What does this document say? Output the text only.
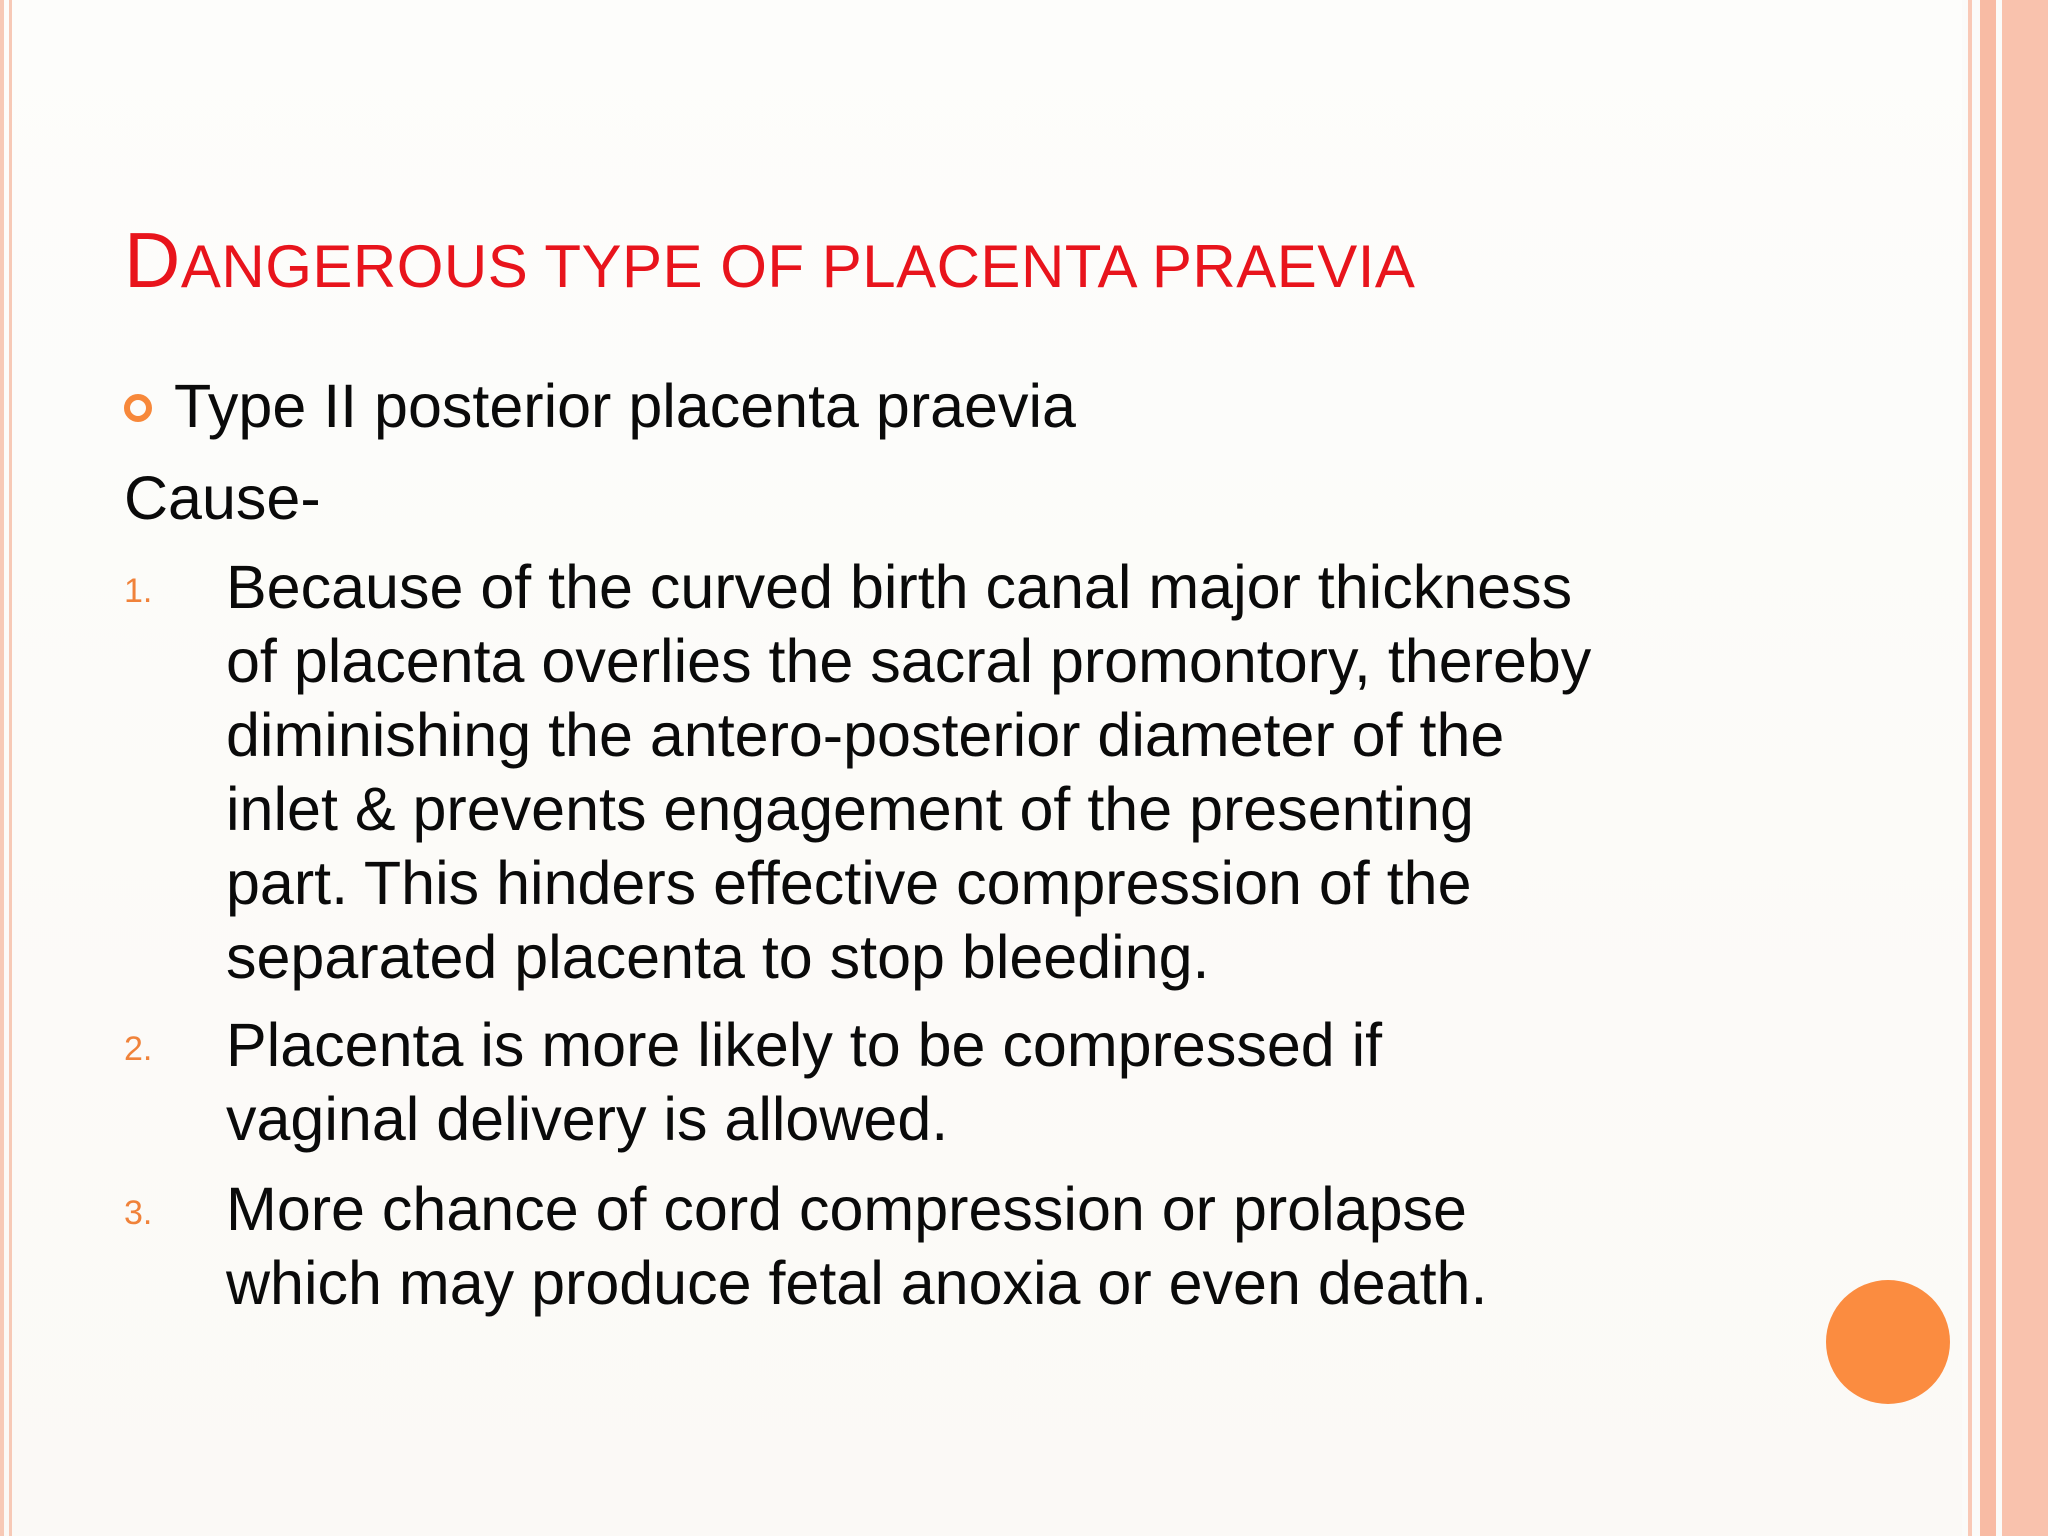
DANGEROUS TYPE OF PLACENTA PRAEVIA
Type II posterior placenta praevia
Cause-
1.	Because of the curved birth canal major thickness
of placenta overlies the sacral promontory, thereby
diminishing the antero-posterior diameter of the
inlet & prevents engagement of the presenting
part. This hinders effective compression of the
separated placenta to stop bleeding.
2.	Placenta is more likely to be compressed if
vaginal delivery is allowed.
3.	More chance of cord compression or prolapse
which may produce fetal anoxia or even death.
